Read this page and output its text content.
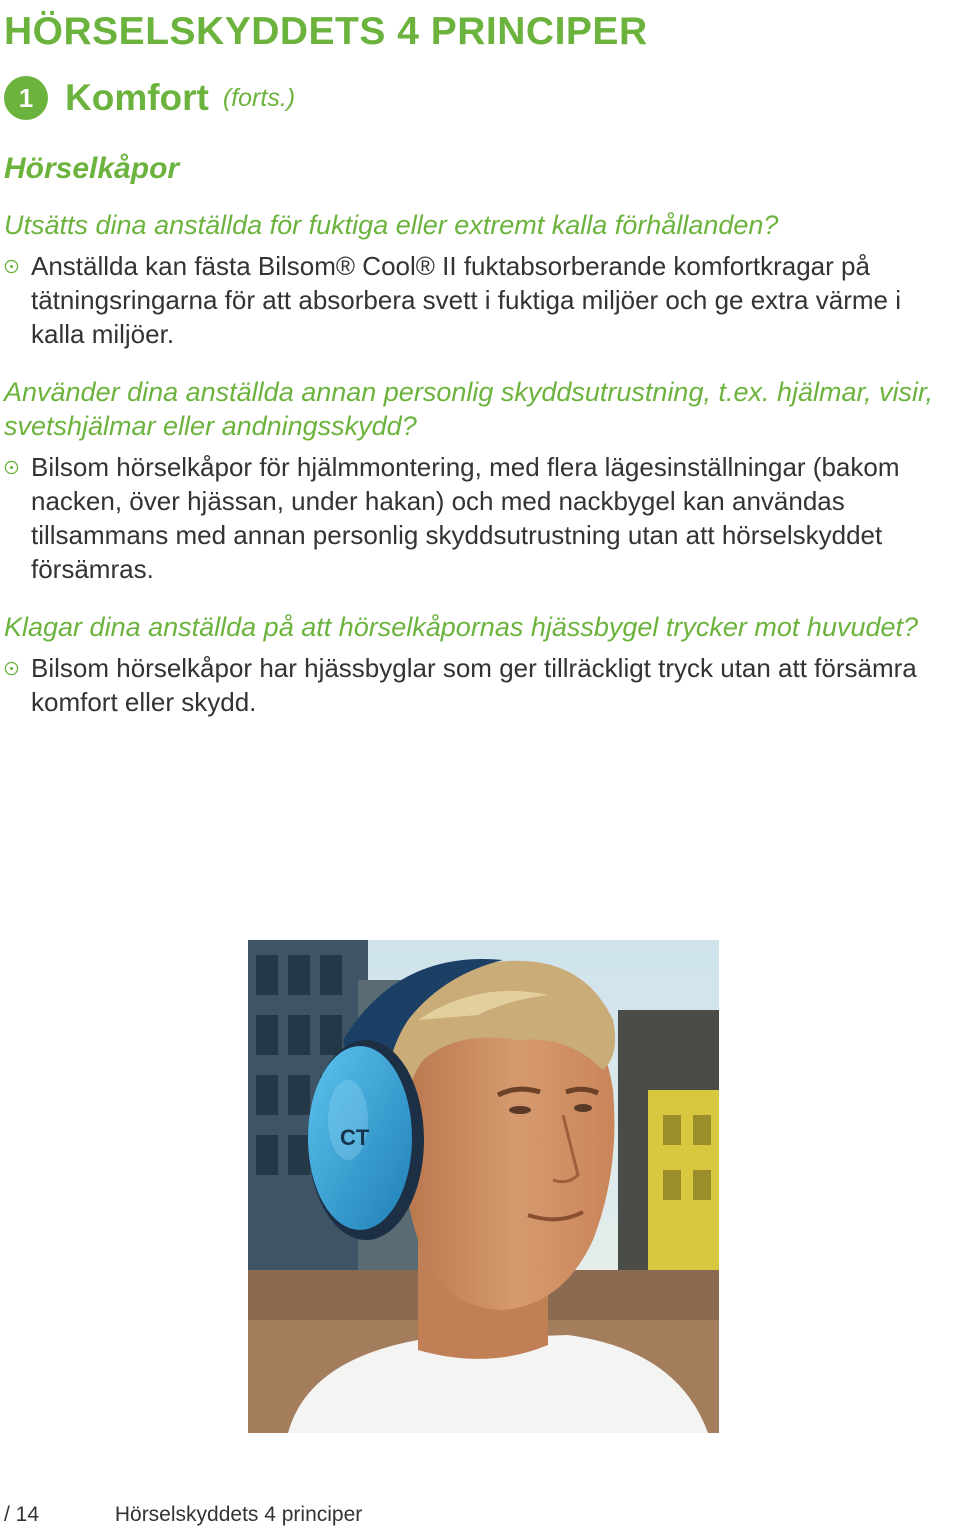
HÖRSELSKYDDETS 4 PRINCIPER
1 Komfort (forts.)
Hörselkåpor

Utsätts dina anställda för fuktiga eller extremt kalla förhållanden?

Anställda kan fästa Bilsom® Cool® II fuktabsorberande komfortkragar på tätningsringarna för att absorbera svett i fuktiga miljöer och ge extra värme i kalla miljöer.

Använder dina anställda annan personlig skyddsutrustning, t.ex. hjälmar, visir, svetshjälmar eller andningsskydd?

Bilsom hörselkåpor för hjälmmontering, med flera lägesinställningar (bakom nacken, över hjässan, under hakan) och med nackbygel kan användas tillsammans med annan personlig skyddsutrustning utan att hörselskyddet försämras.

Klagar dina anställda på att hörselkåpornas hjässbygel trycker mot huvudet?

Bilsom hörselkåpor har hjässbyglar som ger tillräckligt tryck utan att försämra komfort eller skydd.
CT
/ 14	Hörselskyddets 4 principer
